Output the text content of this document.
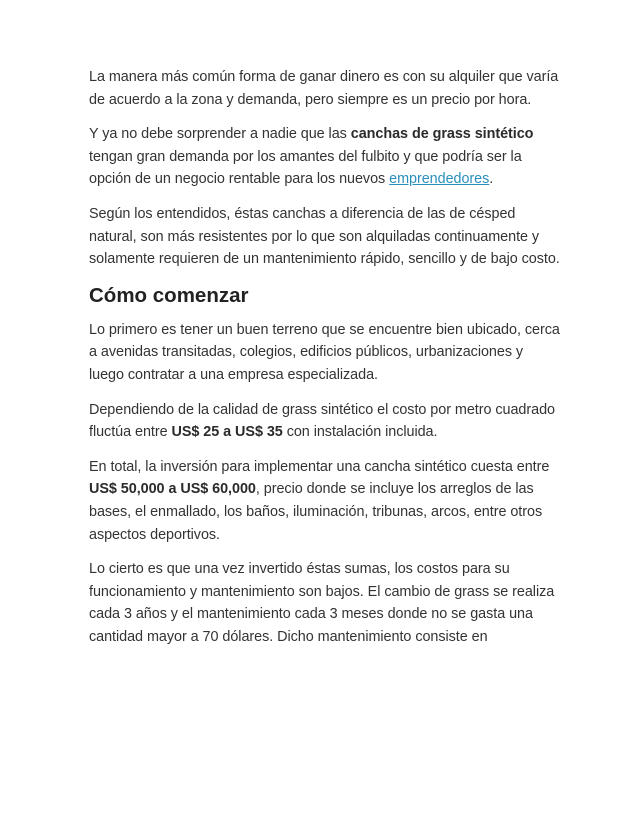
La manera más común forma de ganar dinero es con su alquiler que varía de acuerdo a la zona y demanda, pero siempre es un precio por hora.

Y ya no debe sorprender a nadie que las canchas de grass sintético tengan gran demanda por los amantes del fulbito y que podría ser la opción de un negocio rentable para los nuevos emprendedores.

Según los entendidos, éstas canchas a diferencia de las de césped natural, son más resistentes por lo que son alquiladas continuamente y solamente requieren de un mantenimiento rápido, sencillo y de bajo costo.

Cómo comenzar

Lo primero es tener un buen terreno que se encuentre bien ubicado, cerca a avenidas transitadas, colegios, edificios públicos, urbanizaciones y luego contratar a una empresa especializada.

Dependiendo de la calidad de grass sintético el costo por metro cuadrado fluctúa entre US$ 25 a US$ 35 con instalación incluida.

En total, la inversión para implementar una cancha sintético cuesta entre US$ 50,000 a US$ 60,000, precio donde se incluye los arreglos de las bases, el enmallado, los baños, iluminación, tribunas, arcos, entre otros aspectos deportivos.

Lo cierto es que una vez invertido éstas sumas, los costos para su funcionamiento y mantenimiento son bajos. El cambio de grass se realiza cada 3 años y el mantenimiento cada 3 meses donde no se gasta una cantidad mayor a 70 dólares. Dicho mantenimiento consiste en
